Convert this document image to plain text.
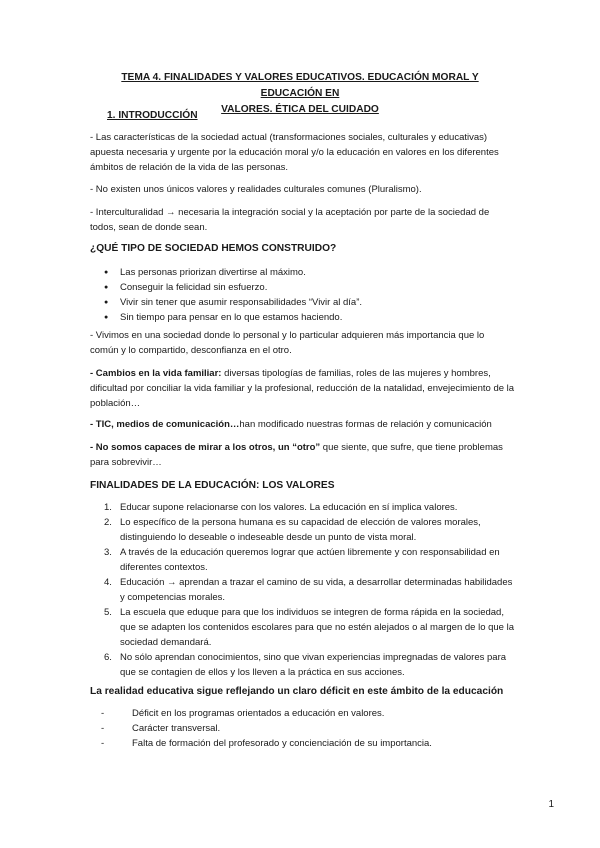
TEMA 4. FINALIDADES Y VALORES EDUCATIVOS. EDUCACIÓN MORAL Y EDUCACIÓN EN
VALORES. ÉTICA DEL CUIDADO
1. INTRODUCCIÓN
- Las características de la sociedad actual (transformaciones sociales, culturales y educativas) apuesta necesaria y urgente por la educación moral y/o la educación en valores en los diferentes ámbitos de relación de la vida de las personas.
- No existen unos únicos valores y realidades culturales comunes (Pluralismo).
- Interculturalidad → necesaria la integración social y la aceptación por parte de la sociedad de todos, sean de donde sean.
¿QUÉ TIPO DE SOCIEDAD HEMOS CONSTRUIDO?
● Las personas priorizan divertirse al máximo.
● Conseguir la felicidad sin esfuerzo.
● Vivir sin tener que asumir responsabilidades “Vivir al día”.
● Sin tiempo para pensar en lo que estamos haciendo.
- Vivimos en una sociedad donde lo personal y lo particular adquieren más importancia que lo común y lo compartido, desconfianza en el otro.
- Cambios en la vida familiar: diversas tipologías de familias, roles de las mujeres y hombres, dificultad por conciliar la vida familiar y la profesional, reducción de la natalidad, envejecimiento de la población…
- TIC, medios de comunicación…han modificado nuestras formas de relación y comunicación
- No somos capaces de mirar a los otros, un “otro” que siente, que sufre, que tiene problemas para sobrevivir…
FINALIDADES DE LA EDUCACIÓN: LOS VALORES
1. Educar supone relacionarse con los valores. La educación en sí implica valores.
2. Lo específico de la persona humana es su capacidad de elección de valores morales, distinguiendo lo deseable o indeseable desde un punto de vista moral.
3. A través de la educación queremos lograr que actúen libremente y con responsabilidad en diferentes contextos.
4. Educación → aprendan a trazar el camino de su vida, a desarrollar determinadas habilidades y competencias morales.
5. La escuela que eduque para que los individuos se integren de forma rápida en la sociedad, que se adapten los contenidos escolares para que no estén alejados o al margen de lo que la sociedad demandará.
6. No sólo aprendan conocimientos, sino que vivan experiencias impregnadas de valores para que se contagien de ellos y los lleven a la práctica en sus acciones.
La realidad educativa sigue reflejando un claro déficit en este ámbito de la educación
- Déficit en los programas orientados a educación en valores.
- Carácter transversal.
- Falta de formación del profesorado y concienciación de su importancia.
1
